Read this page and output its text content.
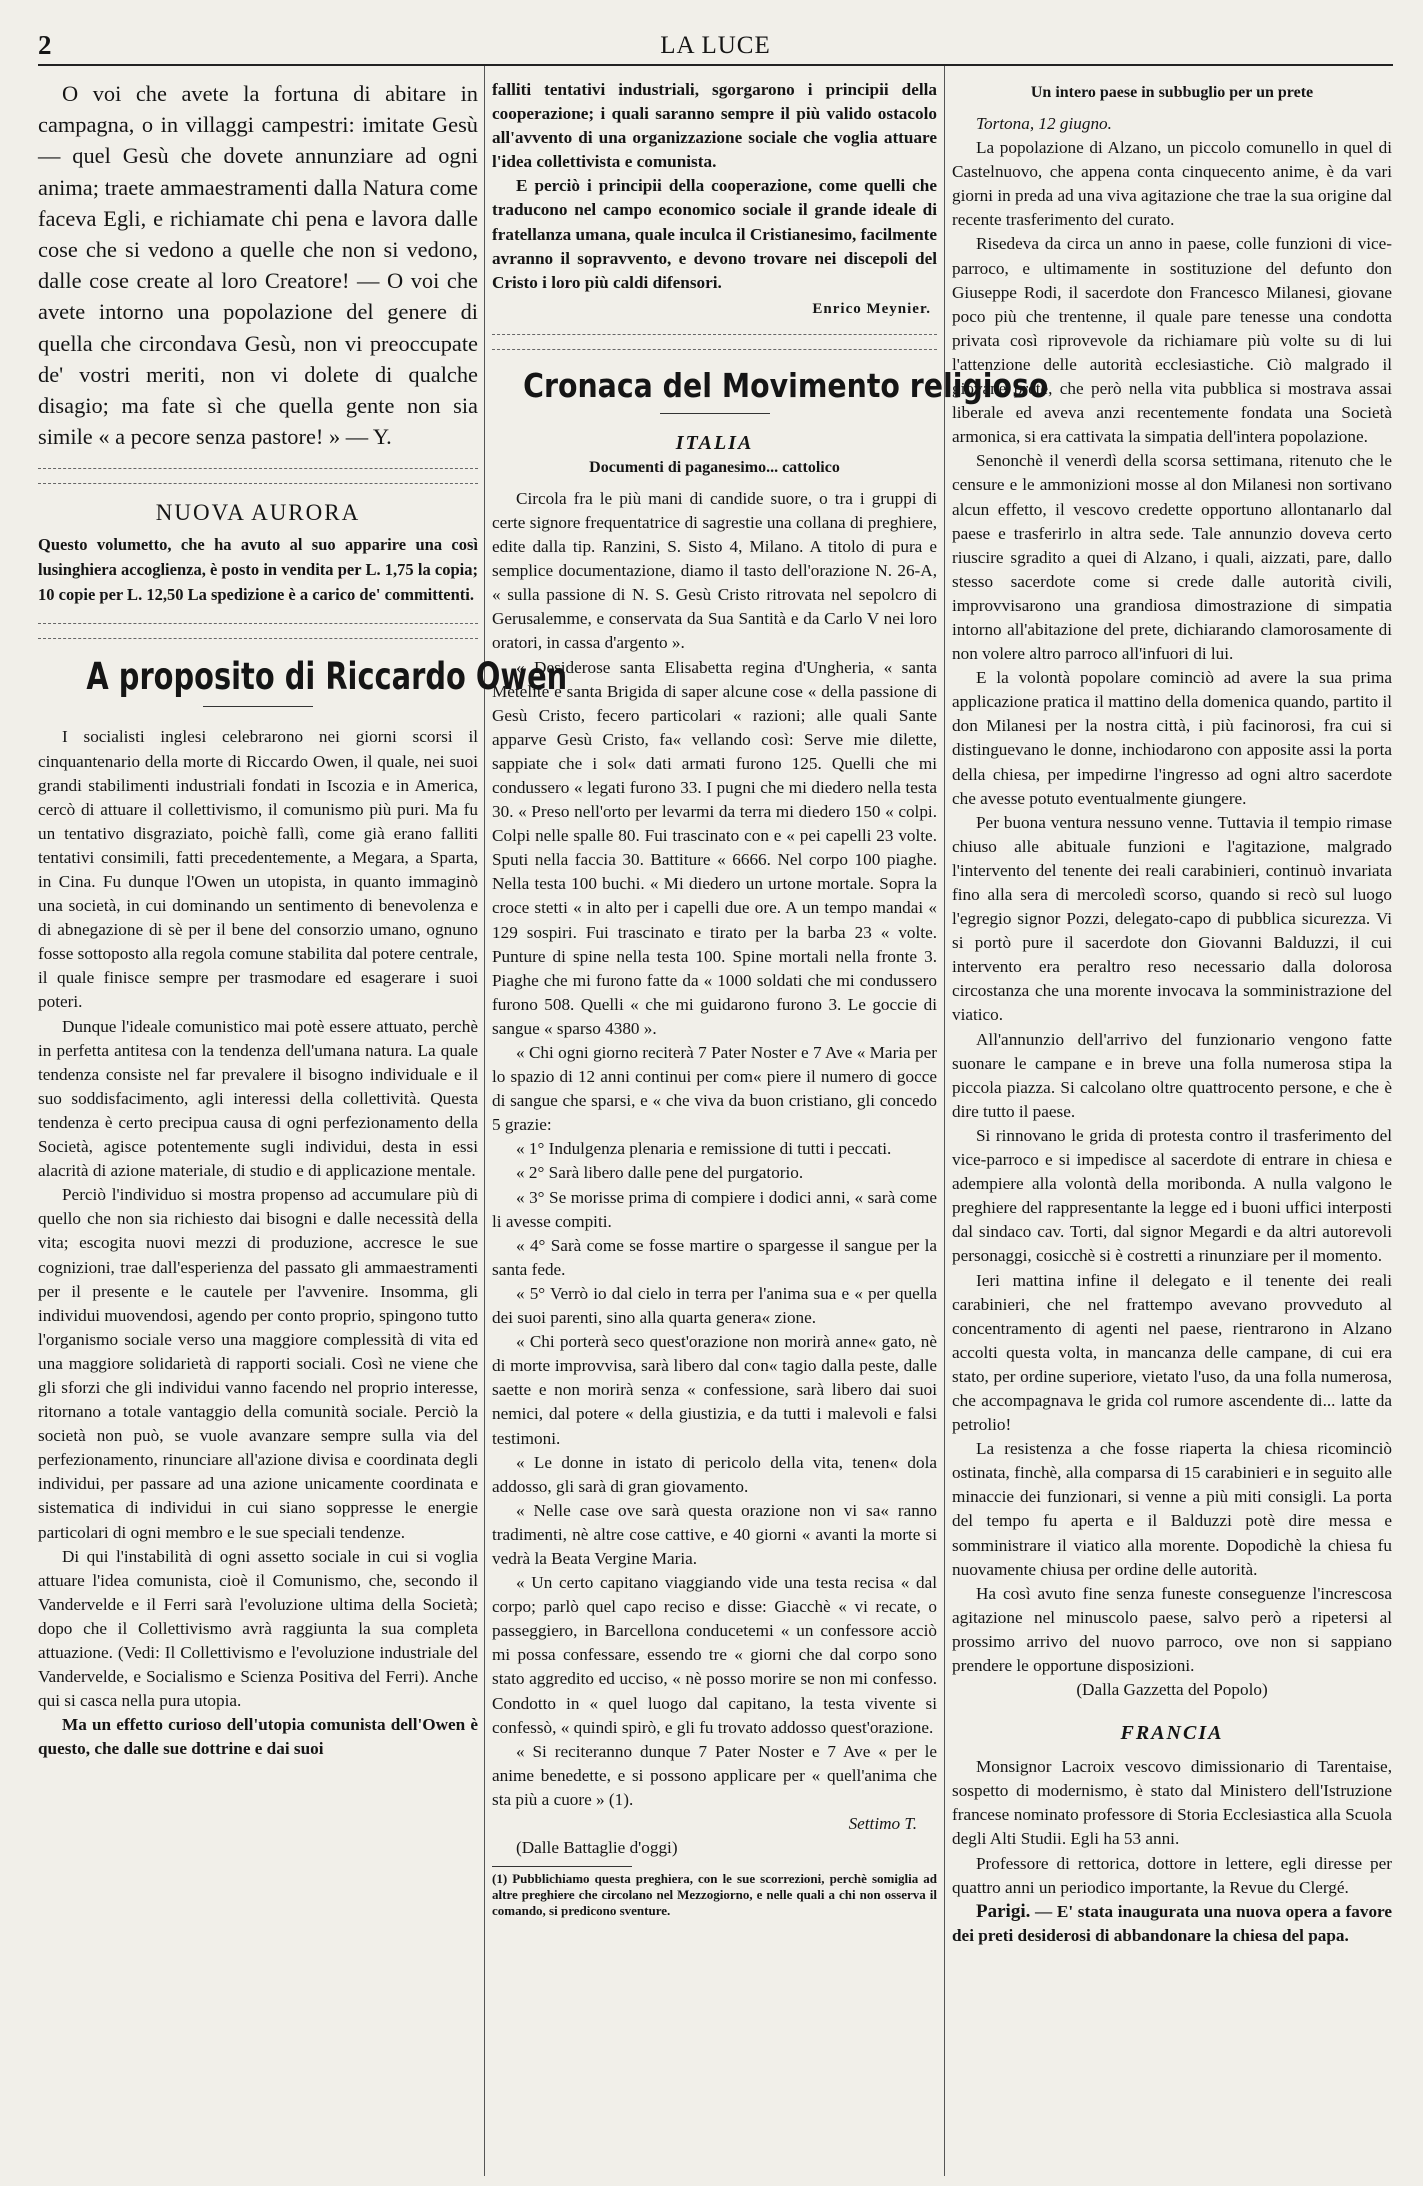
2	LA LUCE

O voi che avete la fortuna di abitare in campagna, o in villaggi campestri: imitate Gesù — quel Gesù che dovete annunziare ad ogni anima; traete ammaestramenti dalla Natura come faceva Egli, e richiamate chi pena e lavora dalle cose che si vedono a quelle che non si vedono, dalle cose create al loro Creatore! — O voi che avete intorno una popolazione del genere di quella che circondava Gesù, non vi preoccupate de' vostri meriti, non vi dolete di qualche disagio; ma fate sì che quella gente non sia simile « a pecore senza pastore! » — Y.

NUOVA AURORA

Questo volumetto, che ha avuto al suo apparire una così lusinghiera accoglienza, è posto in vendita per L. 1,75 la copia; 10 copie per L. 12,50 La spedizione è a carico de' committenti.

A proposito di Riccardo Owen

I socialisti inglesi celebrarono nei giorni scorsi il cinquantenario della morte di Riccardo Owen, il quale, nei suoi grandi stabilimenti industriali fondati in Iscozia e in America, cercò di attuare il collettivismo, il comunismo più puri. Ma fu un tentativo disgraziato, poichè fallì, come già erano falliti tentativi consimili, fatti precedentemente, a Megara, a Sparta, in Cina. Fu dunque l'Owen un utopista, in quanto immaginò una società, in cui dominando un sentimento di benevolenza e di abnegazione di sè per il bene del consorzio umano, ognuno fosse sottoposto alla regola comune stabilita dal potere centrale, il quale finisce sempre per trasmodare ed esagerare i suoi poteri.

Dunque l'ideale comunistico mai potè essere attuato, perchè in perfetta antitesa con la tendenza dell'umana natura. La quale tendenza consiste nel far prevalere il bisogno individuale e il suo soddisfacimento, agli interessi della collettività. Questa tendenza è certo precipua causa di ogni perfezionamento della Società, agisce potentemente sugli individui, desta in essi alacrità di azione materiale, di studio e di applicazione mentale.

Perciò l'individuo si mostra propenso ad accumulare più di quello che non sia richiesto dai bisogni e dalle necessità della vita; escogita nuovi mezzi di produzione, accresce le sue cognizioni, trae dall'esperienza del passato gli ammaestramenti per il presente e le cautele per l'avvenire. Insomma, gli individui muovendosi, agendo per conto proprio, spingono tutto l'organismo sociale verso una maggiore complessità di vita ed una maggiore solidarietà di rapporti sociali. Così ne viene che gli sforzi che gli individui vanno facendo nel proprio interesse, ritornano a totale vantaggio della comunità sociale. Perciò la società non può, se vuole avanzare sempre sulla via del perfezionamento, rinunciare all'azione divisa e coordinata degli individui, per passare ad una azione unicamente coordinata e sistematica di individui in cui siano soppresse le energie particolari di ogni membro e le sue speciali tendenze.

Di qui l'instabilità di ogni assetto sociale in cui si voglia attuare l'idea comunista, cioè il Comunismo, che, secondo il Vandervelde e il Ferri sarà l'evoluzione ultima della Società; dopo che il Collettivismo avrà raggiunta la sua completa attuazione. (Vedi: Il Collettivismo e l'evoluzione industriale del Vandervelde, e Socialismo e Scienza Positiva del Ferri). Anche qui si casca nella pura utopia.

Ma un effetto curioso dell'utopia comunista dell'Owen è questo, che dalle sue dottrine e dai suoi

falliti tentativi industriali, sgorgarono i principii della cooperazione; i quali saranno sempre il più valido ostacolo all'avvento di una organizzazione sociale che voglia attuare l'idea collettivista e comunista.

E perciò i principii della cooperazione, come quelli che traducono nel campo economico sociale il grande ideale di fratellanza umana, quale inculca il Cristianesimo, facilmente avranno il sopravvento, e devono trovare nei discepoli del Cristo i loro più caldi difensori.

Enrico Meynier.
Cronaca del Movimento religioso
ITALIA
Documenti di paganesimo... cattolico

Circola fra le più mani di candide suore, o tra i gruppi di certe signore frequentatrice di sagrestie una collana di preghiere, edite dalla tip. Ranzini, S. Sisto 4, Milano. A titolo di pura e semplice documentazione, diamo il tasto dell'orazione N. 26-A, « sulla passione di N. S. Gesù Cristo ritrovata nel sepolcro di Gerusalemme, e conservata da Sua Santità e da Carlo V nei loro oratori, in cassa d'argento ».

« Desiderose santa Elisabetta regina d'Ungheria, « santa Metelite e santa Brigida di saper alcune cose « della passione di Gesù Cristo, fecero particolari « razioni; alle quali Sante apparve Gesù Cristo, fa« vellando così: Serve mie dilette, sappiate che i sol« dati armati furono 125. Quelli che mi condussero « legati furono 33. I pugni che mi diedero nella testa 30. « Preso nell'orto per levarmi da terra mi diedero 150 « colpi. Colpi nelle spalle 80. Fui trascinato con e « pei capelli 23 volte. Sputi nella faccia 30. Battiture « 6666. Nel corpo 100 piaghe. Nella testa 100 buchi. « Mi diedero un urtone mortale. Sopra la croce stetti « in alto per i capelli due ore. A un tempo mandai « 129 sospiri. Fui trascinato e tirato per la barba 23 « volte. Punture di spine nella testa 100. Spine mortali nella fronte 3. Piaghe che mi furono fatte da « 1000 soldati che mi condussero furono 508. Quelli « che mi guidarono furono 3. Le goccie di sangue « sparso 4380 ».

« Chi ogni giorno reciterà 7 Pater Noster e 7 Ave « Maria per lo spazio di 12 anni continui per com« piere il numero di gocce di sangue che sparsi, e « che viva da buon cristiano, gli concedo 5 grazie:

« 1° Indulgenza plenaria e remissione di tutti i peccati.

« 2° Sarà libero dalle pene del purgatorio.

« 3° Se morisse prima di compiere i dodici anni, « sarà come li avesse compiti.

« 4° Sarà come se fosse martire o spargesse il sangue per la santa fede.

« 5° Verrò io dal cielo in terra per l'anima sua e « per quella dei suoi parenti, sino alla quarta genera« zione.

« Chi porterà seco quest'orazione non morirà anne« gato, nè di morte improvvisa, sarà libero dal con« tagio dalla peste, dalle saette e non morirà senza « confessione, sarà libero dai suoi nemici, dal potere « della giustizia, e da tutti i malevoli e falsi testimoni.

« Le donne in istato di pericolo della vita, tenen« dola addosso, gli sarà di gran giovamento.

« Nelle case ove sarà questa orazione non vi sa« ranno tradimenti, nè altre cose cattive, e 40 giorni « avanti la morte si vedrà la Beata Vergine Maria.

« Un certo capitano viaggiando vide una testa recisa « dal corpo; parlò quel capo reciso e disse: Giacchè « vi recate, o passeggiero, in Barcellona conducetemi « un confessore acciò mi possa confessare, essendo tre « giorni che dal corpo sono stato aggredito ed ucciso, « nè posso morire se non mi confesso. Condotto in « quel luogo dal capitano, la testa vivente si confessò, « quindi spirò, e gli fu trovato addosso quest'orazione.

« Si reciteranno dunque 7 Pater Noster e 7 Ave « per le anime benedette, e si possono applicare per « quell'anima che sta più a cuore » (1).

Settimo T.

(Dalle Battaglie d'oggi)

(1) Pubblichiamo questa preghiera, con le sue scorrezioni, perchè somiglia ad altre preghiere che circolano nel Mezzogiorno, e nelle quali a chi non osserva il comando, si predicono sventure.

Un intero paese in subbuglio per un prete

Tortona, 12 giugno.

La popolazione di Alzano, un piccolo comunello in quel di Castelnuovo, che appena conta cinquecento anime, è da vari giorni in preda ad una viva agitazione che trae la sua origine dal recente trasferimento del curato.

Risedeva da circa un anno in paese, colle funzioni di vice-parroco, e ultimamente in sostituzione del defunto don Giuseppe Rodi, il sacerdote don Francesco Milanesi, giovane poco più che trentenne, il quale pare tenesse una condotta privata così riprovevole da richiamare più volte su di lui l'attenzione delle autorità ecclesiastiche. Ciò malgrado il giovane prete, che però nella vita pubblica si mostrava assai liberale ed aveva anzi recentemente fondata una Società armonica, si era cattivata la simpatia dell'intera popolazione.

Senonchè il venerdì della scorsa settimana, ritenuto che le censure e le ammonizioni mosse al don Milanesi non sortivano alcun effetto, il vescovo credette opportuno allontanarlo dal paese e trasferirlo in altra sede. Tale annunzio doveva certo riuscire sgradito a quei di Alzano, i quali, aizzati, pare, dallo stesso sacerdote come si crede dalle autorità civili, improvvisarono una grandiosa dimostrazione di simpatia intorno all'abitazione del prete, dichiarando clamorosamente di non volere altro parroco all'infuori di lui.

E la volontà popolare cominciò ad avere la sua prima applicazione pratica il mattino della domenica quando, partito il don Milanesi per la nostra città, i più facinorosi, fra cui si distinguevano le donne, inchiodarono con apposite assi la porta della chiesa, per impedirne l'ingresso ad ogni altro sacerdote che avesse potuto eventualmente giungere.

Per buona ventura nessuno venne. Tuttavia il tempio rimase chiuso alle abituale funzioni e l'agitazione, malgrado l'intervento del tenente dei reali carabinieri, continuò invariata fino alla sera di mercoledì scorso, quando si recò sul luogo l'egregio signor Pozzi, delegato-capo di pubblica sicurezza. Vi si portò pure il sacerdote don Giovanni Balduzzi, il cui intervento era peraltro reso necessario dalla dolorosa circostanza che una morente invocava la somministrazione del viatico.

All'annunzio dell'arrivo del funzionario vengono fatte suonare le campane e in breve una folla numerosa stipa la piccola piazza. Si calcolano oltre quattrocento persone, e che è dire tutto il paese.

Si rinnovano le grida di protesta contro il trasferimento del vice-parroco e si impedisce al sacerdote di entrare in chiesa e adempiere alla volontà della moribonda. A nulla valgono le preghiere del rappresentante la legge ed i buoni uffici interposti dal sindaco cav. Torti, dal signor Megardi e da altri autorevoli personaggi, cosicchè si è costretti a rinunziare per il momento.

Ieri mattina infine il delegato e il tenente dei reali carabinieri, che nel frattempo avevano provveduto al concentramento di agenti nel paese, rientrarono in Alzano accolti questa volta, in mancanza delle campane, di cui era stato, per ordine superiore, vietato l'uso, da una folla numerosa, che accompagnava le grida col rumore ascendente di... latte da petrolio!

La resistenza a che fosse riaperta la chiesa ricominciò ostinata, finchè, alla comparsa di 15 carabinieri e in seguito alle minaccie dei funzionari, si venne a più miti consigli. La porta del tempo fu aperta e il Balduzzi potè dire messa e somministrare il viatico alla morente. Dopodichè la chiesa fu nuovamente chiusa per ordine delle autorità.

Ha così avuto fine senza funeste conseguenze l'increscosa agitazione nel minuscolo paese, salvo però a ripetersi al prossimo arrivo del nuovo parroco, ove non si sappiano prendere le opportune disposizioni.

(Dalla Gazzetta del Popolo)

FRANCIA

Monsignor Lacroix vescovo dimissionario di Tarentaise, sospetto di modernismo, è stato dal Ministero dell'Istruzione francese nominato professore di Storia Ecclesiastica alla Scuola degli Alti Studii. Egli ha 53 anni.

Professore di rettorica, dottore in lettere, egli diresse per quattro anni un periodico importante, la Revue du Clergé.

Parigi. — E' stata inaugurata una nuova opera a favore dei preti desiderosi di abbandonare la chiesa del papa.
